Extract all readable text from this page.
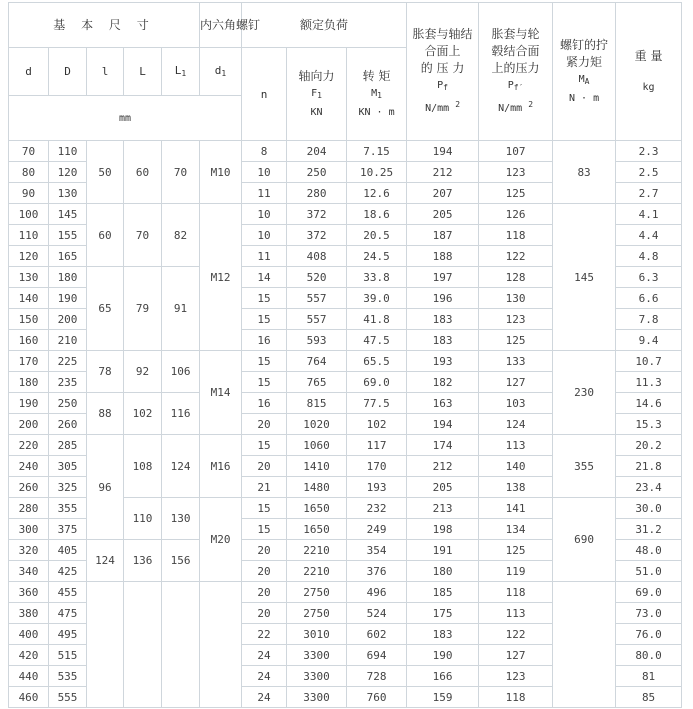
基 本 尺 寸					内六角螺钉	额定负荷			胀套与轴结
合面上
的 压 力
$P_f$
N/mm $^2$	胀套与轮
毂结合面
上的压力
$P_{f'}$
N/mm $^2$	螺钉的拧
紧力矩
$M_A$
N · m	重 量
kg

d	D	l	L	$L_1$	$d_1$	n	轴向力
$F_1$
KN	转 矩
$M_1$
KN · m				

mm												
70	110	50	60	70	M10	8	204	7.15	194	107	83	2.3
80	120					10	250	10.25	212	123		2.5
90	130					11	280	12.6	207	125		2.7
100	145	60	70	82	M12	10	372	18.6	205	126	145	4.1
110	155					10	372	20.5	187	118		4.4
120	165					11	408	24.5	188	122		4.8
130	180	65	79	91		14	520	33.8	197	128		6.3
140	190					15	557	39.0	196	130		6.6
150	200					15	557	41.8	183	123		7.8
160	210					16	593	47.5	183	125		9.4
170	225	78	92	106	M14	15	764	65.5	193	133	230	10.7
180	235					15	765	69.0	182	127		11.3
190	250	88	102	116		16	815	77.5	163	103		14.6
200	260					20	1020	102	194	124		15.3
220	285	96	108	124	M16	15	1060	117	174	113	355	20.2
240	305					20	1410	170	212	140		21.8
260	325					21	1480	193	205	138		23.4
280	355		110	130	M20	15	1650	232	213	141	690	30.0
300	375					15	1650	249	198	134		31.2
320	405	124	136	156		20	2210	354	191	125		48.0
340	425					20	2210	376	180	119		51.0
360	455					20	2750	496	185	118		69.0
380	475					20	2750	524	175	113		73.0
400	495					22	3010	602	183	122		76.0
420	515					24	3300	694	190	127		80.0
440	535					24	3300	728	166	123		81
460	555					24	3300	760	159	118		85
